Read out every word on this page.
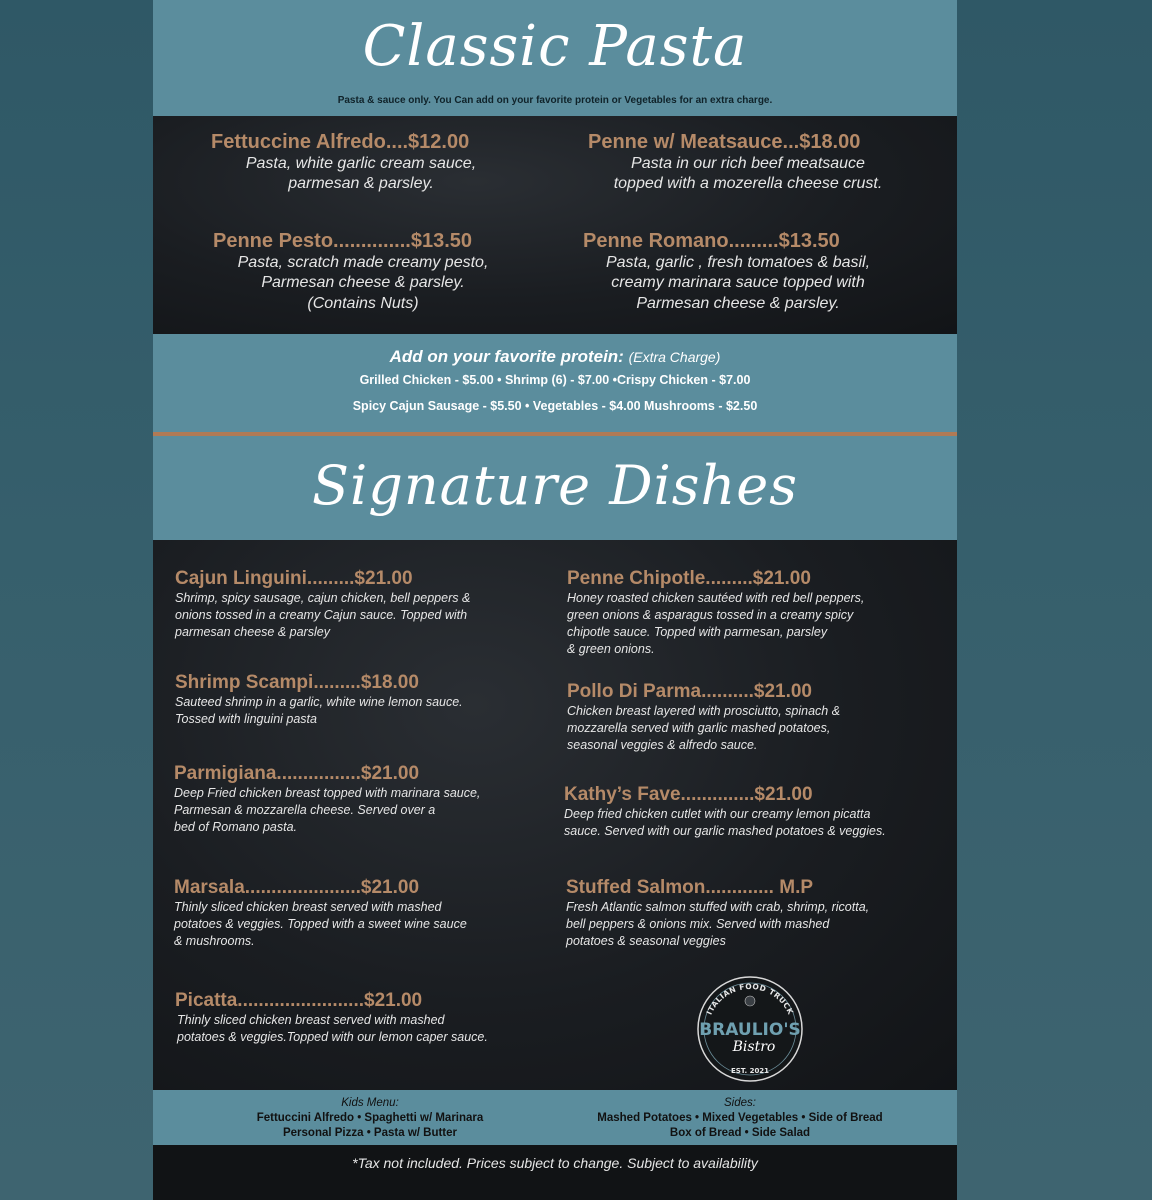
Classic Pasta
Pasta & sauce only. You Can add on your favorite protein or Vegetables for an extra charge.
Fettuccine Alfredo....$12.00
Pasta, white garlic cream sauce,
parmesan & parsley.
Penne w/ Meatsauce...$18.00
Pasta in our rich beef meatsauce
topped with a mozerella cheese crust.
Penne Pesto..............$13.50
Pasta, scratch made creamy pesto,
Parmesan cheese & parsley.
(Contains Nuts)
Penne Romano.........$13.50
Pasta, garlic , fresh tomatoes & basil,
creamy marinara sauce topped with
Parmesan cheese & parsley.
Add on your favorite protein: (Extra Charge)
Grilled Chicken - $5.00 • Shrimp (6) - $7.00 •Crispy Chicken - $7.00
Spicy Cajun Sausage - $5.50 • Vegetables - $4.00 Mushrooms - $2.50
Signature Dishes
Cajun Linguini.........$21.00
Shrimp, spicy sausage, cajun chicken, bell peppers &
onions tossed in a creamy Cajun sauce. Topped with
parmesan cheese & parsley
Penne Chipotle.........$21.00
Honey roasted chicken sautéed with red bell peppers,
green onions & asparagus tossed in a creamy spicy
chipotle sauce. Topped with parmesan, parsley
& green onions.
Shrimp Scampi.........$18.00
Sauteed shrimp in a garlic, white wine lemon sauce.
Tossed with linguini pasta
Pollo Di Parma..........$21.00
Chicken breast layered with prosciutto, spinach &
mozzarella served with garlic mashed potatoes,
seasonal veggies & alfredo sauce.
Parmigiana................$21.00
Deep Fried chicken breast topped with marinara sauce,
Parmesan & mozzarella cheese. Served over a
bed of Romano pasta.
Kathy’s Fave..............$21.00
Deep fried chicken cutlet with our creamy lemon picatta
sauce. Served with our garlic mashed potatoes & veggies.
Marsala......................$21.00
Thinly sliced chicken breast served with mashed
potatoes & veggies. Topped with a sweet wine sauce
& mushrooms.
Stuffed Salmon............. M.P
Fresh Atlantic salmon stuffed with crab, shrimp, ricotta,
bell peppers & onions mix. Served with mashed
potatoes & seasonal veggies
Picatta........................$21.00
Thinly sliced chicken breast served with mashed
potatoes & veggies.Topped with our lemon caper sauce.
ITALIAN FOOD TRUCK
BRAULIO'S
Bistro
EST. 2021
Kids Menu:
Fettuccini Alfredo • Spaghetti w/ Marinara
Personal Pizza • Pasta w/ Butter
Sides:
Mashed Potatoes • Mixed Vegetables • Side of Bread
Box of Bread • Side Salad
*Tax not included. Prices subject to change. Subject to availability
